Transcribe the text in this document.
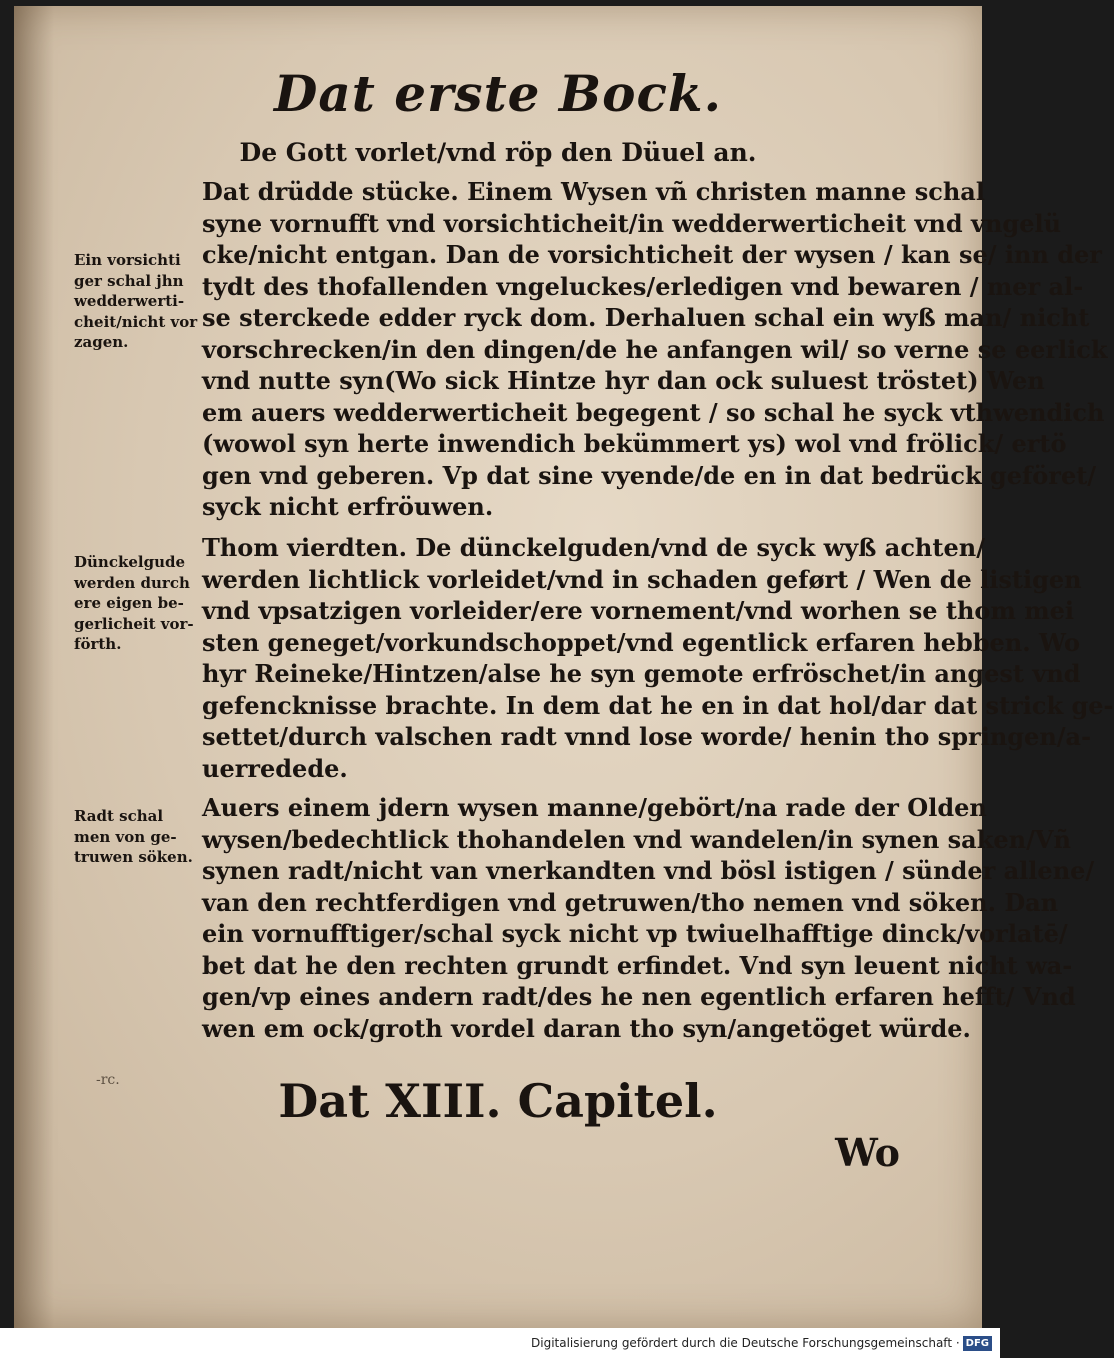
Dat erste Bock.
De Gott vorlet/vnd röp den Düuel an.
Dat drüdde stücke. Einem Wysen vñ christen manne schal
syne vornufft vnd vorsichticheit/in wedderwerticheit vnd vngelü
cke/nicht entgan. Dan de vorsichticheit der wysen / kan se/ inn der
tydt des thofallenden vngeluckes/erledigen vnd bewaren / mer al-
se sterckede edder ryck dom. Derhaluen schal ein wyß man/ nicht
vorschrecken/in den dingen/de he anfangen wil/ so verne se eerlick
vnd nutte syn(Wo sick Hintze hyr dan ock suluest tröstet) Wen
em auers wedderwerticheit begegent / so schal he syck vthwendich
(wowol syn herte inwendich bekümmert ys) wol vnd frölick/ ertö
gen vnd geberen. Vp dat sine vyende/de en in dat bedrück geföret/
syck nicht erfröuwen.
Thom vierdten. De dünckelguden/vnd de syck wyß achten/
werden lichtlick vorleidet/vnd in schaden geført / Wen de listigen
vnd vpsatzigen vorleider/ere vornement/vnd worhen se thom mei
sten geneget/vorkundschoppet/vnd egentlick erfaren hebben. Wo
hyr Reineke/Hintzen/alse he syn gemote erfröschet/in angest vnd
gefencknisse brachte. In dem dat he en in dat hol/dar dat strick ge-
settet/durch valschen radt vnnd lose worde/ henin tho springen/a-
uerredede.
Auers einem jdern wysen manne/gebört/na rade der Olden
wysen/bedechtlick thohandelen vnd wandelen/in synen saken/Vñ
synen radt/nicht van vnerkandten vnd bösl istigen / sünder allene/
van den rechtferdigen vnd getruwen/tho nemen vnd söken. Dan
ein vornufftiger/schal syck nicht vp twiuelhafftige dinck/vorlatē/
bet dat he den rechten grundt erfindet. Vnd syn leuent nicht wa-
gen/vp eines andern radt/des he nen egentlich erfaren hefft/ Vnd
wen em ock/groth vordel daran tho syn/angetöget würde.
Ein vorsichti
ger schal jhn
wedderwerti-
cheit/nicht vor
zagen.
Dünckelgude
werden durch
ere eigen be-
gerlicheit vor-
förth.
Radt schal
men von ge-
truwen söken.
-rc.	Dat XIII. Capitel.
Wo
Digitalisierung gefördert durch die Deutsche Forschungsgemeinschaft · DFG
